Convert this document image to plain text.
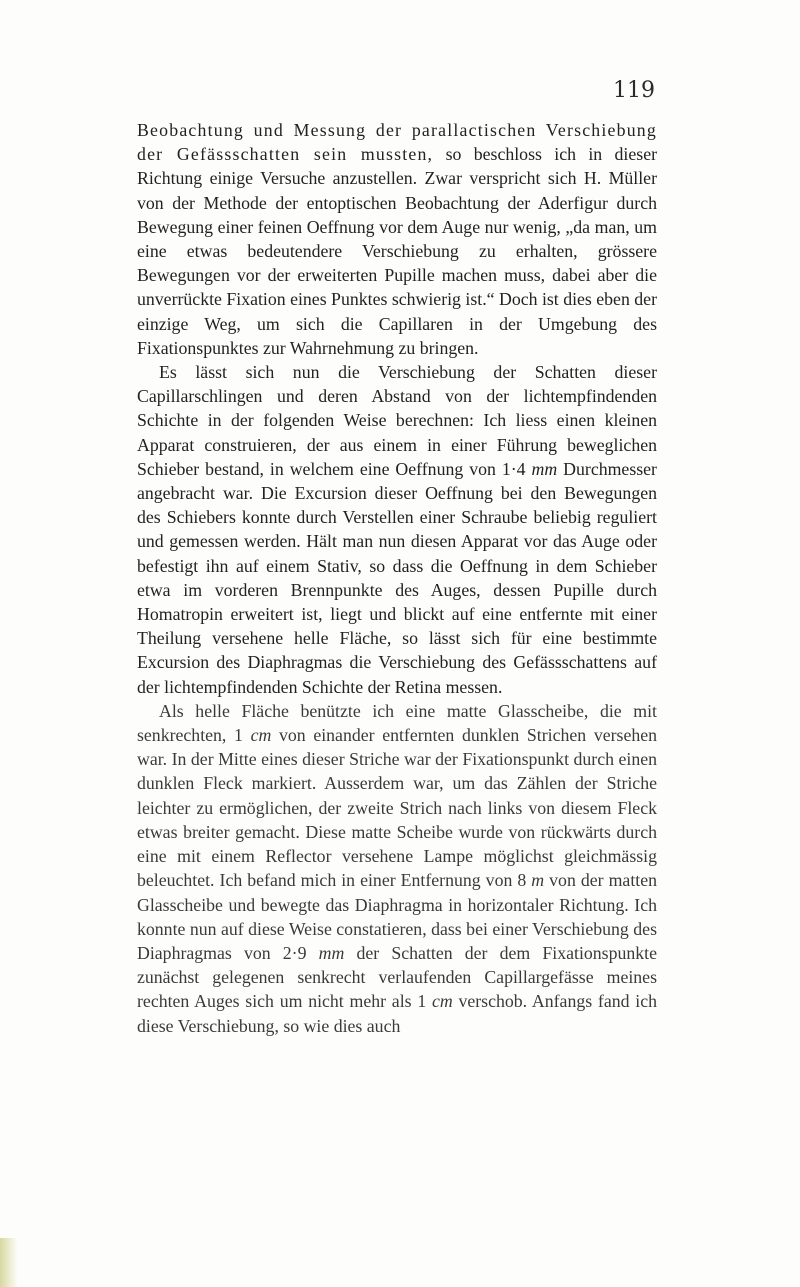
119

Beobachtung und Messung der parallactischen Verschiebung der Gefässschatten sein mussten, so beschloss ich in dieser Richtung einige Versuche anzustellen. Zwar verspricht sich H. Müller von der Methode der entoptischen Beobachtung der Aderfigur durch Bewegung einer feinen Oeffnung vor dem Auge nur wenig, „da man, um eine etwas bedeutendere Verschiebung zu erhalten, grössere Bewegungen vor der erweiterten Pupille machen muss, dabei aber die unverrückte Fixation eines Punktes schwierig ist.“ Doch ist dies eben der einzige Weg, um sich die Capillaren in der Umgebung des Fixationspunktes zur Wahrnehmung zu bringen.

Es lässt sich nun die Verschiebung der Schatten dieser Capillarschlingen und deren Abstand von der lichtempfindenden Schichte in der folgenden Weise berechnen: Ich liess einen kleinen Apparat construieren, der aus einem in einer Führung beweglichen Schieber bestand, in welchem eine Oeffnung von 1·4 mm Durchmesser angebracht war. Die Excursion dieser Oeffnung bei den Bewegungen des Schiebers konnte durch Verstellen einer Schraube beliebig reguliert und gemessen werden. Hält man nun diesen Apparat vor das Auge oder befestigt ihn auf einem Stativ, so dass die Oeffnung in dem Schieber etwa im vorderen Brennpunkte des Auges, dessen Pupille durch Homatropin erweitert ist, liegt und blickt auf eine entfernte mit einer Theilung versehene helle Fläche, so lässt sich für eine bestimmte Excursion des Diaphragmas die Verschiebung des Gefässschattens auf der lichtempfindenden Schichte der Retina messen.

Als helle Fläche benützte ich eine matte Glasscheibe, die mit senkrechten, 1 cm von einander entfernten dunklen Strichen versehen war. In der Mitte eines dieser Striche war der Fixationspunkt durch einen dunklen Fleck markiert. Ausserdem war, um das Zählen der Striche leichter zu ermöglichen, der zweite Strich nach links von diesem Fleck etwas breiter gemacht. Diese matte Scheibe wurde von rückwärts durch eine mit einem Reflector versehene Lampe möglichst gleichmässig beleuchtet. Ich befand mich in einer Entfernung von 8 m von der matten Glasscheibe und bewegte das Diaphragma in horizontaler Richtung. Ich konnte nun auf diese Weise constatieren, dass bei einer Verschiebung des Diaphragmas von 2·9 mm der Schatten der dem Fixationspunkte zunächst gelegenen senkrecht verlaufenden Capillargefässe meines rechten Auges sich um nicht mehr als 1 cm verschob. Anfangs fand ich diese Verschiebung, so wie dies auch
